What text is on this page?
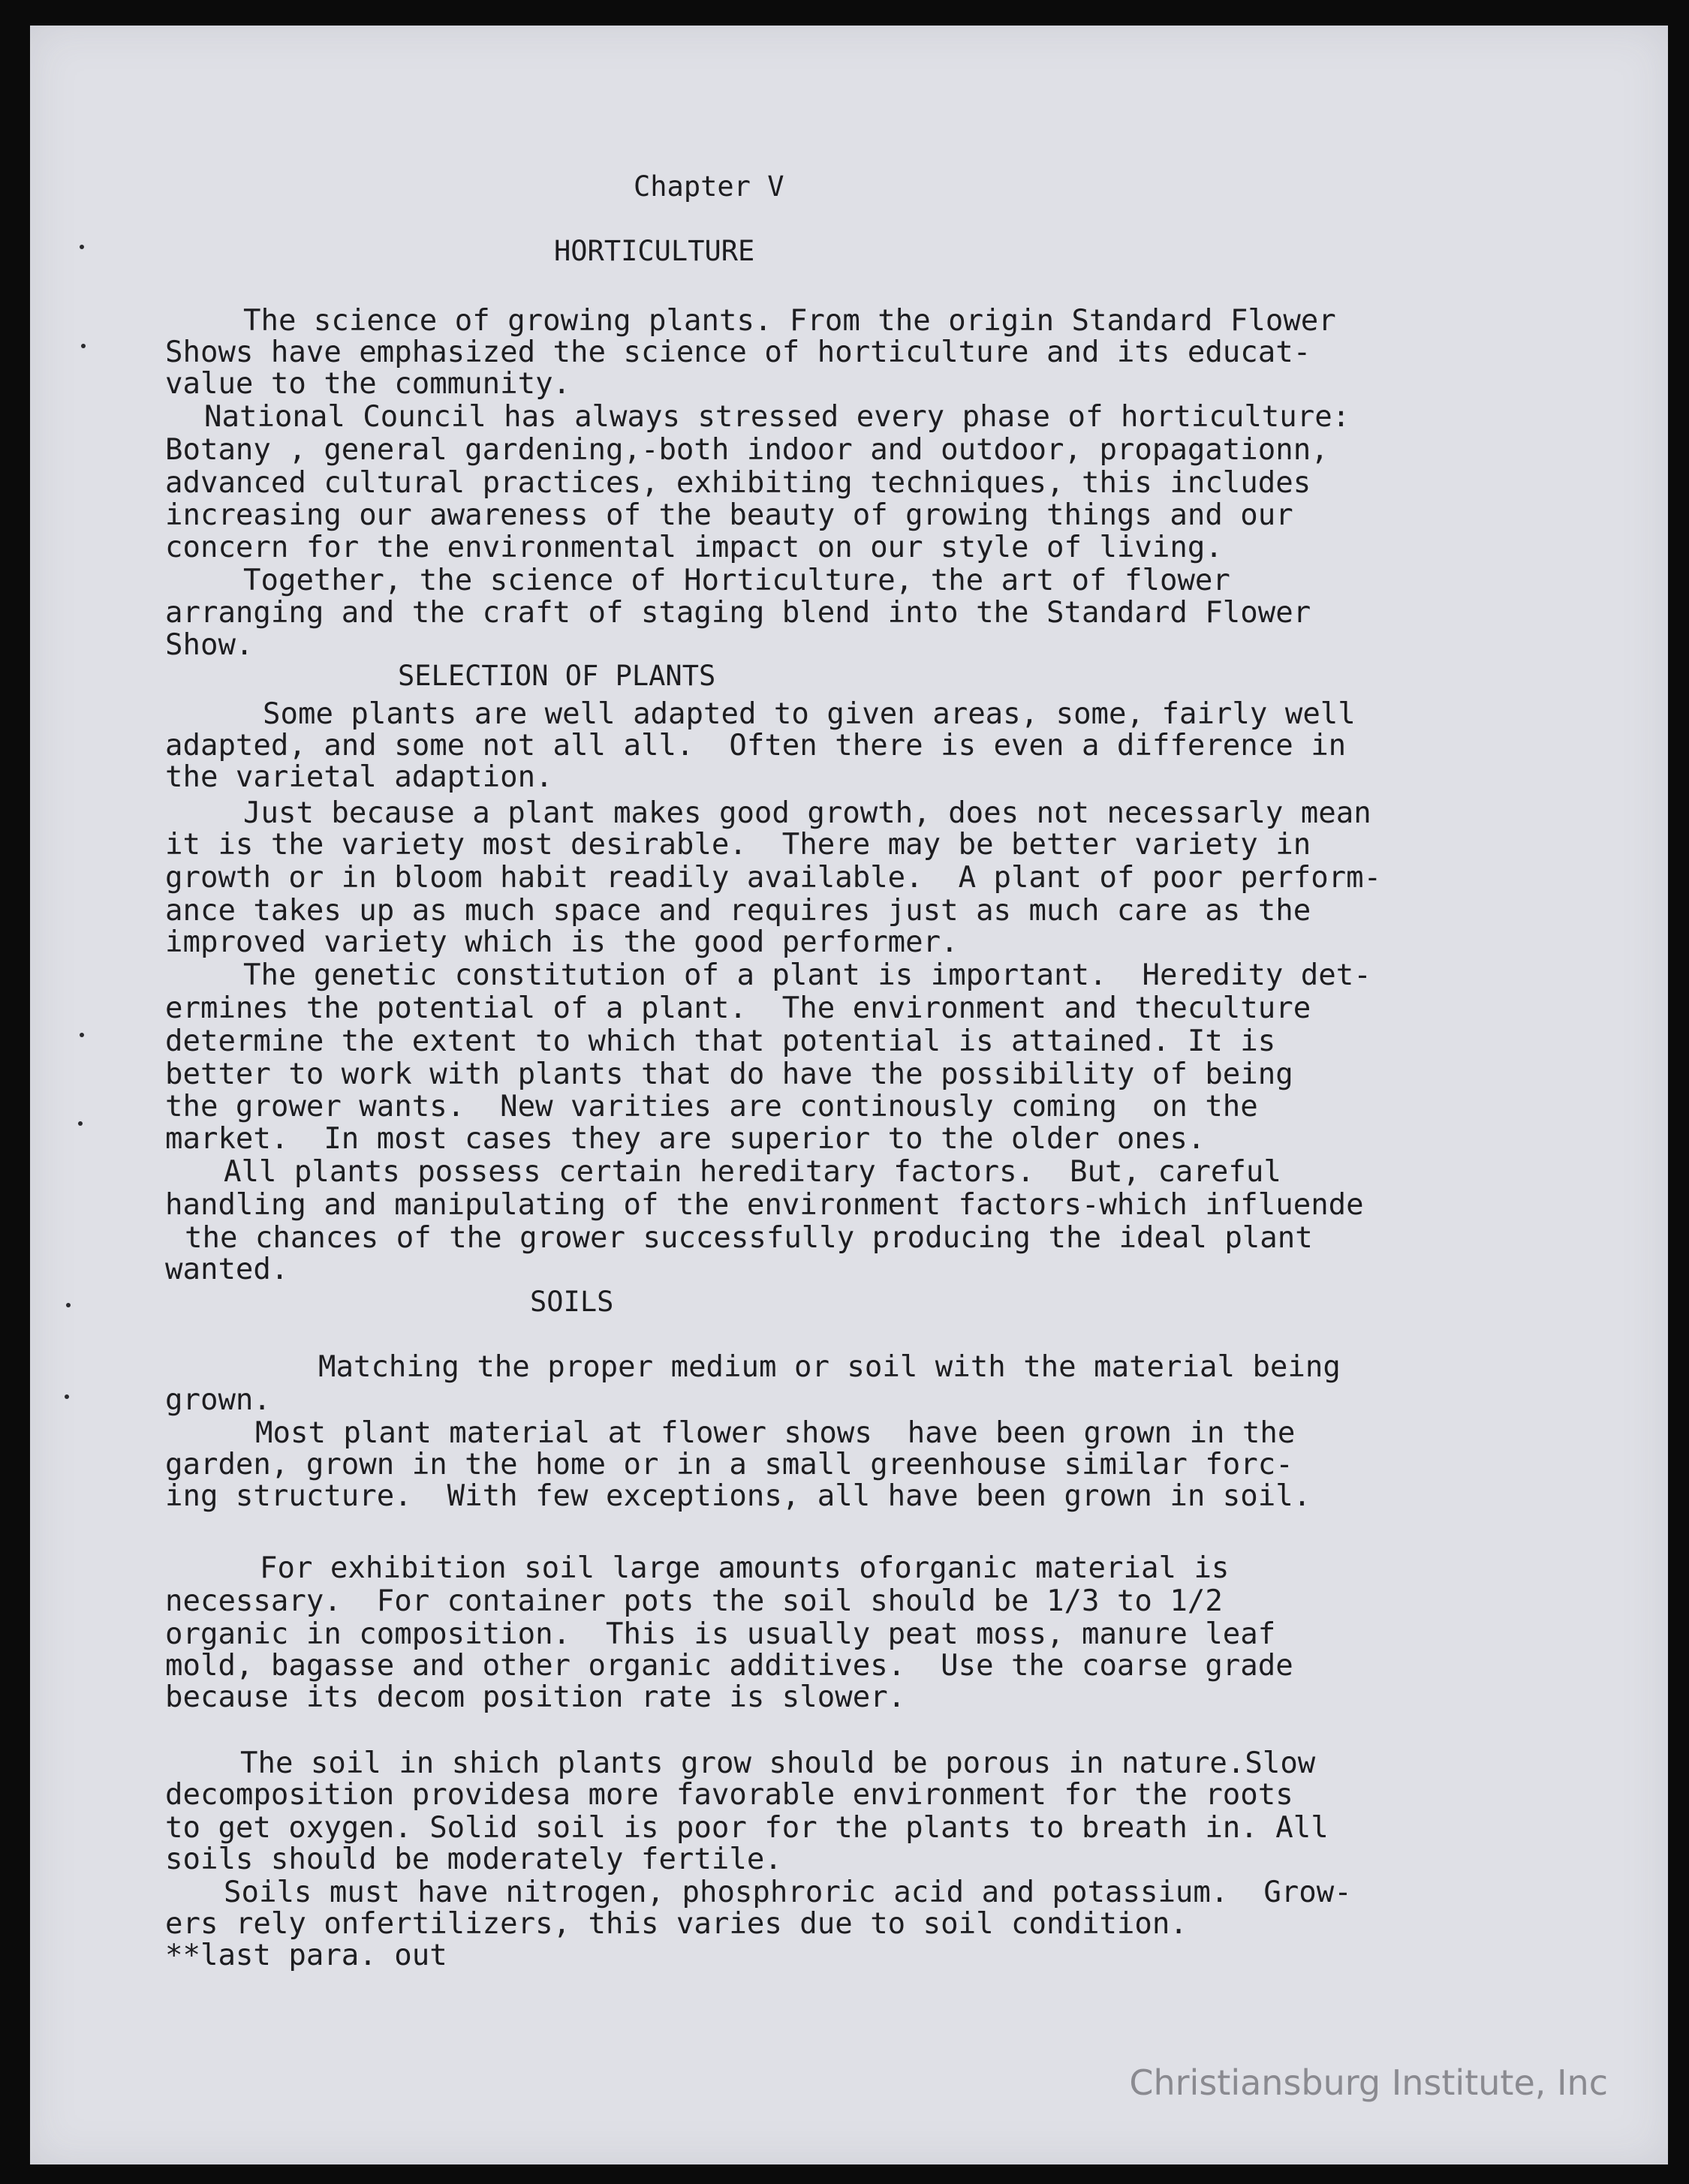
Chapter V
HORTICULTURE
The science of growing plants. From the origin Standard Flower
Shows have emphasized the science of horticulture and its educat-
value to the community.
National Council has always stressed every phase of horticulture:
Botany , general gardening,-both indoor and outdoor, propagationn,
advanced cultural practices, exhibiting techniques, this includes
increasing our awareness of the beauty of growing things and our
concern for the environmental impact on our style of living.
Together, the science of Horticulture, the art of flower
arranging and the craft of staging blend into the Standard Flower
Show.
SELECTION OF PLANTS
Some plants are well adapted to given areas, some, fairly well
adapted, and some not all all.  Often there is even a difference in
the varietal adaption.
Just because a plant makes good growth, does not necessarly mean
it is the variety most desirable.  There may be better variety in
growth or in bloom habit readily available.  A plant of poor perform-
ance takes up as much space and requires just as much care as the
improved variety which is the good performer.
The genetic constitution of a plant is important.  Heredity det-
ermines the potential of a plant.  The environment and theculture
determine the extent to which that potential is attained. It is
better to work with plants that do have the possibility of being
the grower wants.  New varities are continously coming  on the
market.  In most cases they are superior to the older ones.
All plants possess certain hereditary factors.  But, careful
handling and manipulating of the environment factors-which influende
the chances of the grower successfully producing the ideal plant
wanted.
SOILS
Matching the proper medium or soil with the material being
grown.
Most plant material at flower shows  have been grown in the
garden, grown in the home or in a small greenhouse similar forc-
ing structure.  With few exceptions, all have been grown in soil.
For exhibition soil large amounts oforganic material is
necessary.  For container pots the soil should be 1/3 to 1/2
organic in composition.  This is usually peat moss, manure leaf
mold, bagasse and other organic additives.  Use the coarse grade
because its decom position rate is slower.
The soil in shich plants grow should be porous in nature.Slow
decomposition providesa more favorable environment for the roots
to get oxygen. Solid soil is poor for the plants to breath in. All
soils should be moderately fertile.
Soils must have nitrogen, phosphroric acid and potassium.  Grow-
ers rely onfertilizers, this varies due to soil condition.
**last para. out
Christiansburg Institute, Inc
